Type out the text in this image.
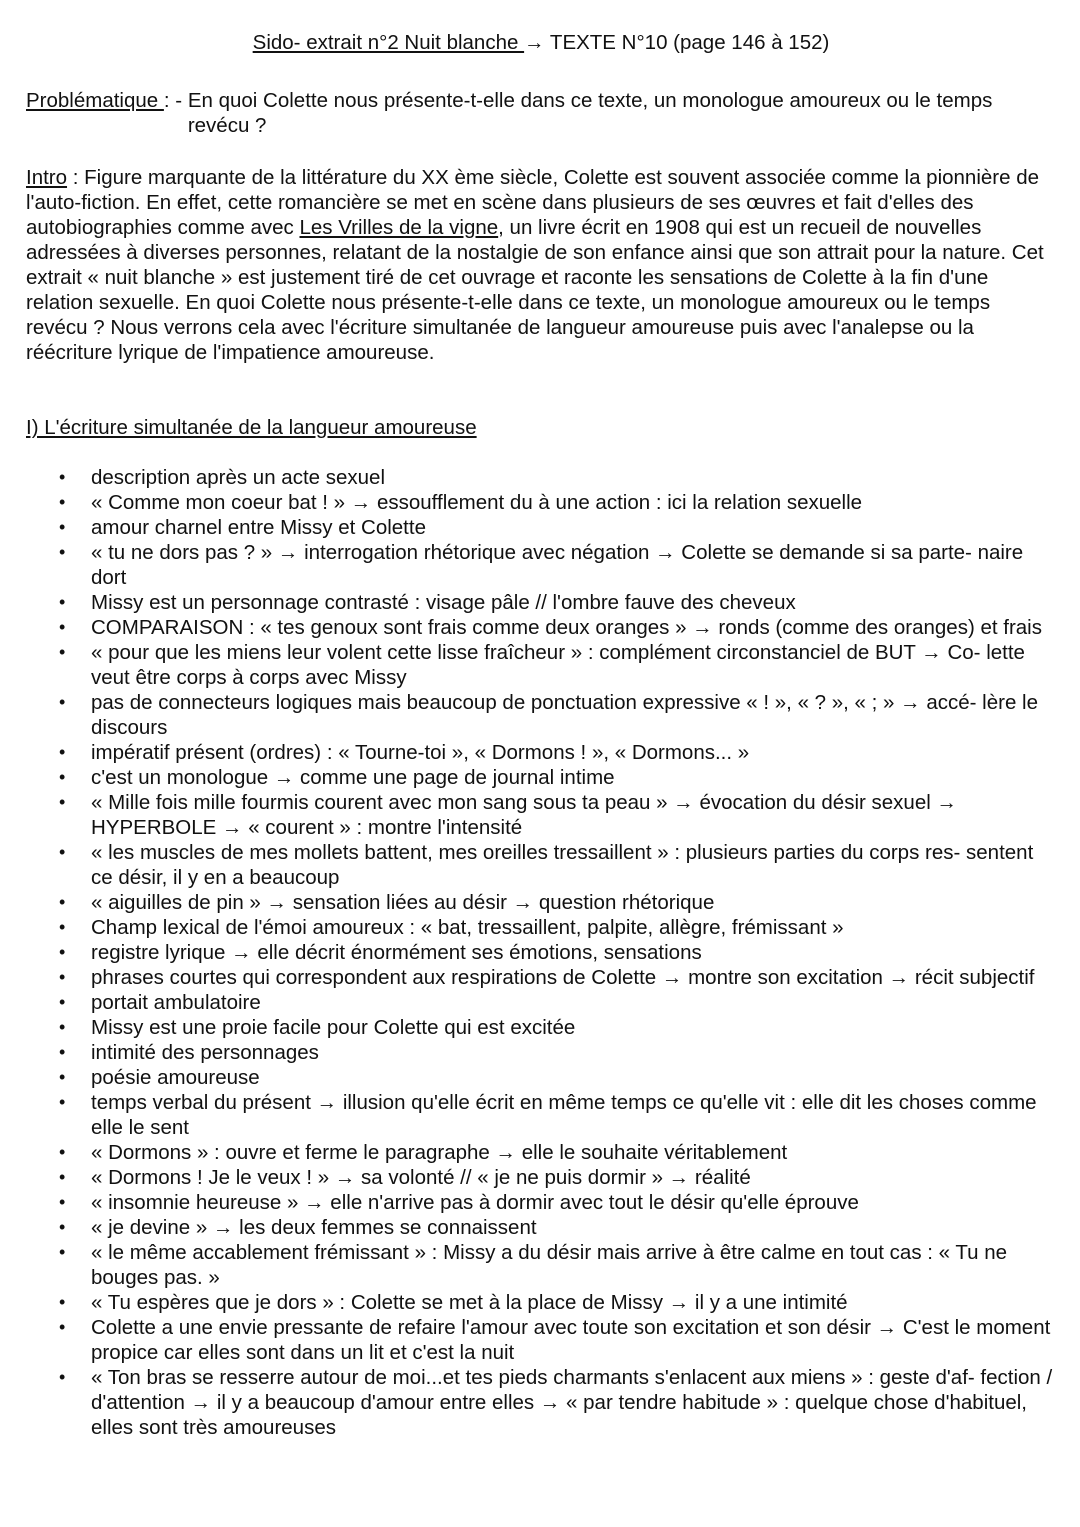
Sido- extrait n°2 Nuit blanche → TEXTE N°10 (page 146 à 152)
Problématique : - En quoi Colette nous présente-t-elle dans ce texte, un monologue amoureux ou le temps revécu ?
Intro : Figure marquante de la littérature du XX ème siècle, Colette est souvent associée comme la pionnière de l'auto-fiction. En effet, cette romancière se met en scène dans plusieurs de ses œuvres et fait d'elles des autobiographies comme avec Les Vrilles de la vigne, un livre écrit en 1908 qui est un recueil de nouvelles adressées à diverses personnes, relatant de la nostalgie de son enfance ainsi que son attrait pour la nature. Cet extrait « nuit blanche » est justement tiré de cet ouvrage et raconte les sensations de Colette à la fin d'une relation sexuelle. En quoi Colette nous présente-t-elle dans ce texte, un monologue amoureux ou le temps revécu ? Nous verrons cela avec l'écriture simultanée de langueur amoureuse puis avec l'analepse ou la réécriture lyrique de l'impatience amoureuse.
I) L'écriture simultanée de la langueur amoureuse
• description après un acte sexuel
• « Comme mon coeur bat ! » → essoufflement du à une action : ici la relation sexuelle
• amour charnel entre Missy et Colette
• « tu ne dors pas ? » → interrogation rhétorique avec négation → Colette se demande si sa parte- naire dort
• Missy est un personnage contrasté : visage pâle // l'ombre fauve des cheveux
• COMPARAISON : « tes genoux sont frais comme deux oranges » → ronds (comme des oranges) et frais
• « pour que les miens leur volent cette lisse fraîcheur » : complément circonstanciel de BUT → Co- lette veut être corps à corps avec Missy
• pas de connecteurs logiques mais beaucoup de ponctuation expressive « ! », « ? », « ; » → accé- lère le discours
• impératif présent (ordres) : « Tourne-toi », « Dormons ! », « Dormons... »
• c'est un monologue → comme une page de journal intime
• « Mille fois mille fourmis courent avec mon sang sous ta peau » → évocation du désir sexuel → HYPERBOLE → « courent » : montre l'intensité
• « les muscles de mes mollets battent, mes oreilles tressaillent » : plusieurs parties du corps res- sentent ce désir, il y en a beaucoup
• « aiguilles de pin » → sensation liées au désir → question rhétorique
• Champ lexical de l'émoi amoureux : « bat, tressaillent, palpite, allègre, frémissant »
• registre lyrique → elle décrit énormément ses émotions, sensations
• phrases courtes qui correspondent aux respirations de Colette → montre son excitation → récit subjectif
• portait ambulatoire
• Missy est une proie facile pour Colette qui est excitée
• intimité des personnages
• poésie amoureuse
• temps verbal du présent → illusion qu'elle écrit en même temps ce qu'elle vit : elle dit les choses comme elle le sent
• « Dormons » : ouvre et ferme le paragraphe → elle le souhaite véritablement
• « Dormons ! Je le veux ! » → sa volonté // « je ne puis dormir » → réalité
• « insomnie heureuse » → elle n'arrive pas à dormir avec tout le désir qu'elle éprouve
• « je devine » → les deux femmes se connaissent
• « le même accablement frémissant » : Missy a du désir mais arrive à être calme en tout cas : « Tu ne bouges pas. »
• « Tu espères que je dors » : Colette se met à la place de Missy → il y a une intimité
• Colette a une envie pressante de refaire l'amour avec toute son excitation et son désir → C'est le moment propice car elles sont dans un lit et c'est la nuit
• « Ton bras se resserre autour de moi...et tes pieds charmants s'enlacent aux miens » : geste d'af- fection / d'attention → il y a beaucoup d'amour entre elles → « par tendre habitude » : quelque chose d'habituel, elles sont très amoureuses
